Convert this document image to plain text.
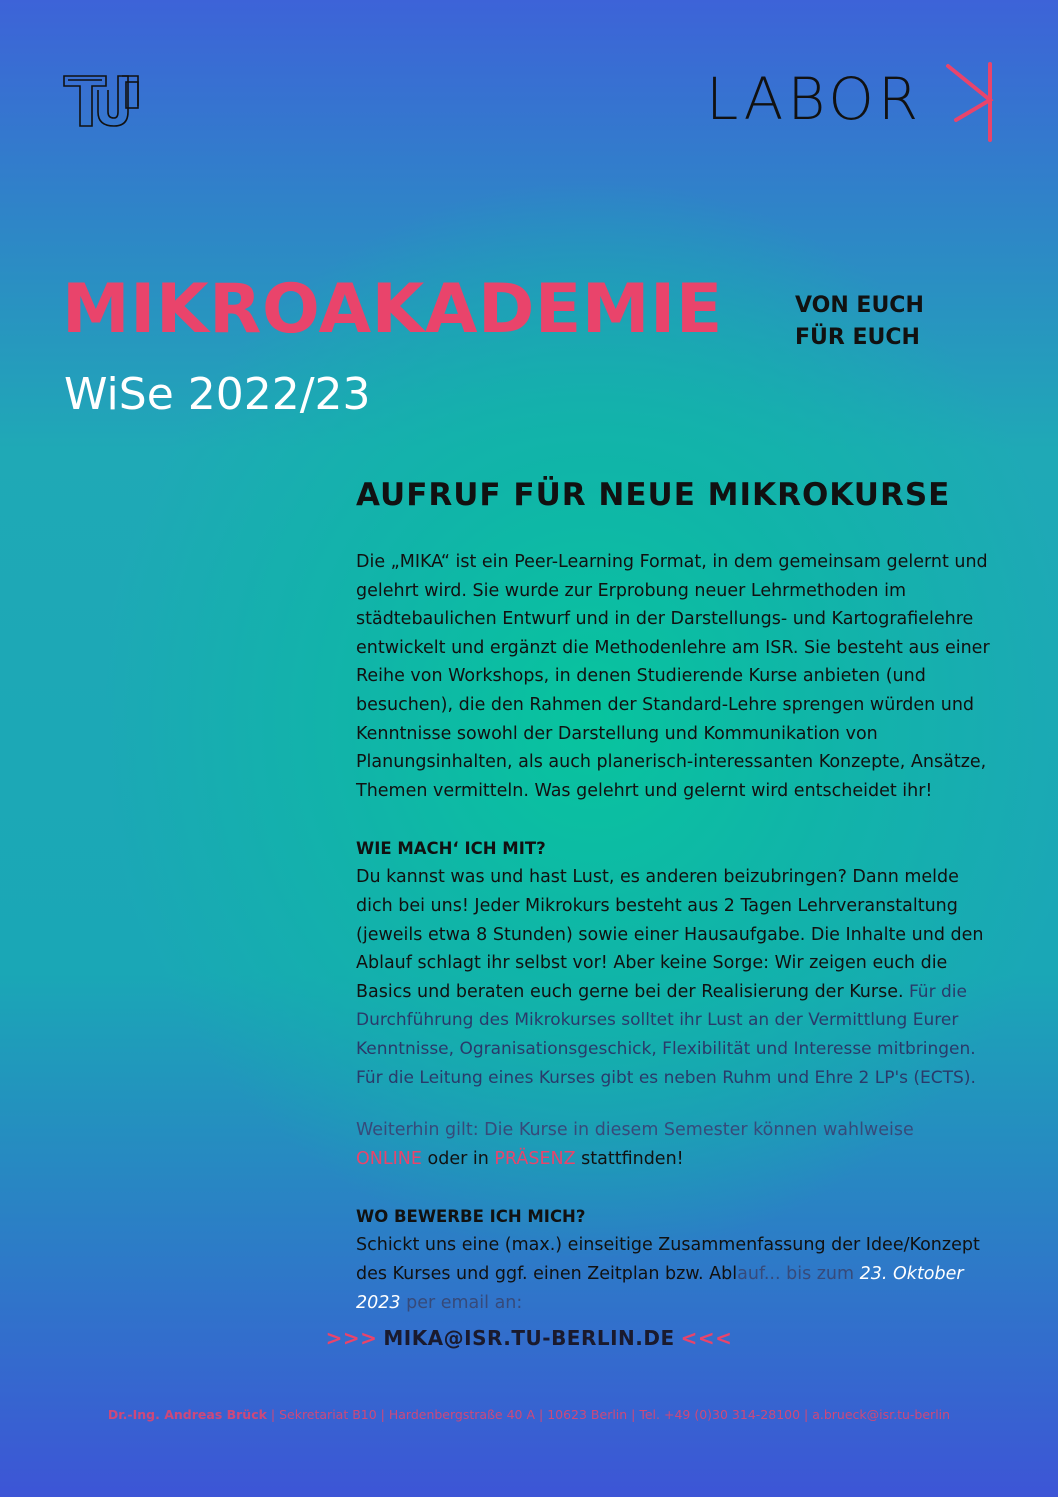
LABOR
MIKROAKADEMIE

WiSe 2022/23

VON EUCH
FÜR EUCH
AUFRUF FÜR NEUE MIKROKURSE

Die „MIKA“ ist ein Peer-Learning Format, in dem gemeinsam gelernt und gelehrt wird. Sie wurde zur Erprobung neuer Lehrmethoden im städtebaulichen Entwurf und in der Darstellungs- und Kartografielehre entwickelt und ergänzt die Methodenlehre am ISR. Sie besteht aus einer Reihe von Workshops, in denen Studierende Kurse anbieten (und besuchen), die den Rahmen der Standard-Lehre sprengen würden und Kenntnisse sowohl der Darstellung und Kommunikation von Planungsinhalten, als auch planerisch-interessanten Konzepte, Ansätze, Themen vermitteln. Was gelehrt und gelernt wird entscheidet ihr!

WIE MACH‘ ICH MIT?

Du kannst was und hast Lust, es anderen beizubringen? Dann melde dich bei uns! Jeder Mikrokurs besteht aus 2 Tagen Lehrveranstaltung (jeweils etwa 8 Stunden) sowie einer Hausaufgabe. Die Inhalte und den Ablauf schlagt ihr selbst vor! Aber keine Sorge: Wir zeigen euch die Basics und beraten euch gerne bei der Realisierung der Kurse. Für die Durchführung des Mikrokurses solltet ihr Lust an der Vermittlung Eurer Kenntnisse, Ogranisationsgeschick, Flexibilität und Interesse mitbringen. Für die Leitung eines Kurses gibt es neben Ruhm und Ehre 2 LP's (ECTS).

Weiterhin gilt: Die Kurse in diesem Semester können wahlweise
ONLINE oder in PRÄSENZ stattfinden!

WO BEWERBE ICH MICH?

Schickt uns eine (max.) einseitige Zusammenfassung der Idee/Konzept des Kurses und ggf. einen Zeitplan bzw. Ablauf... bis zum 23. Oktober 2023 per email an:

>>> MIKA@ISR.TU-BERLIN.DE <<<

Dr.-Ing. Andreas Brück | Sekretariat B10 | Hardenbergstraße 40 A | 10623 Berlin | Tel. +49 (0)30 314-28100 | a.brueck@isr.tu-berlin
